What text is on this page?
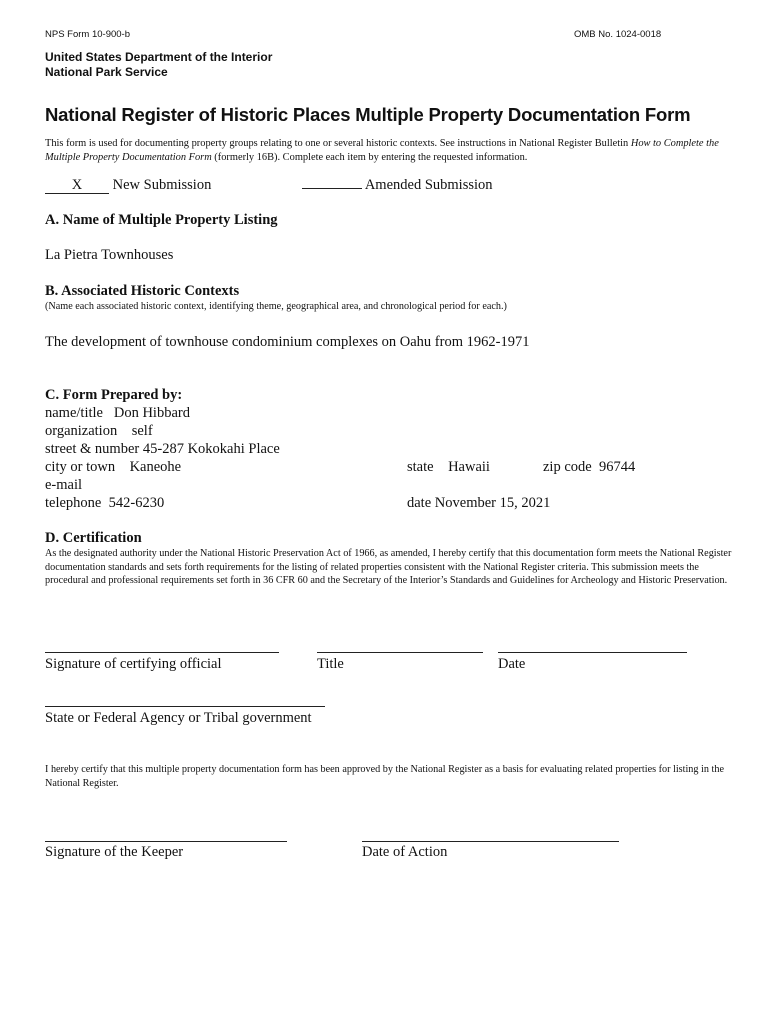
NPS Form 10-900-b	OMB No. 1024-0018
United States Department of the Interior
National Park Service
National Register of Historic Places Multiple Property Documentation Form
This form is used for documenting property groups relating to one or several historic contexts. See instructions in National Register Bulletin How to Complete the Multiple Property Documentation Form (formerly 16B). Complete each item by entering the requested information.
X New Submission	Amended Submission
A. Name of Multiple Property Listing
La Pietra Townhouses
B. Associated Historic Contexts
(Name each associated historic context, identifying theme, geographical area, and chronological period for each.)
The development of townhouse condominium complexes on Oahu from 1962-1971
C. Form Prepared by:
name/title Don Hibbard
organization self
street & number 45-287 Kokokahi Place
city or town Kaneohe	state Hawaii	zip code 96744
e-mail
telephone 542-6230	date November 15, 2021
D. Certification
As the designated authority under the National Historic Preservation Act of 1966, as amended, I hereby certify that this documentation form meets the National Register documentation standards and sets forth requirements for the listing of related properties consistent with the National Register criteria. This submission meets the procedural and professional requirements set forth in 36 CFR 60 and the Secretary of the Interior’s Standards and Guidelines for Archeology and Historic Preservation.
Signature of certifying official	Title	Date
State or Federal Agency or Tribal government
I hereby certify that this multiple property documentation form has been approved by the National Register as a basis for evaluating related properties for listing in the National Register.
Signature of the Keeper	Date of Action
